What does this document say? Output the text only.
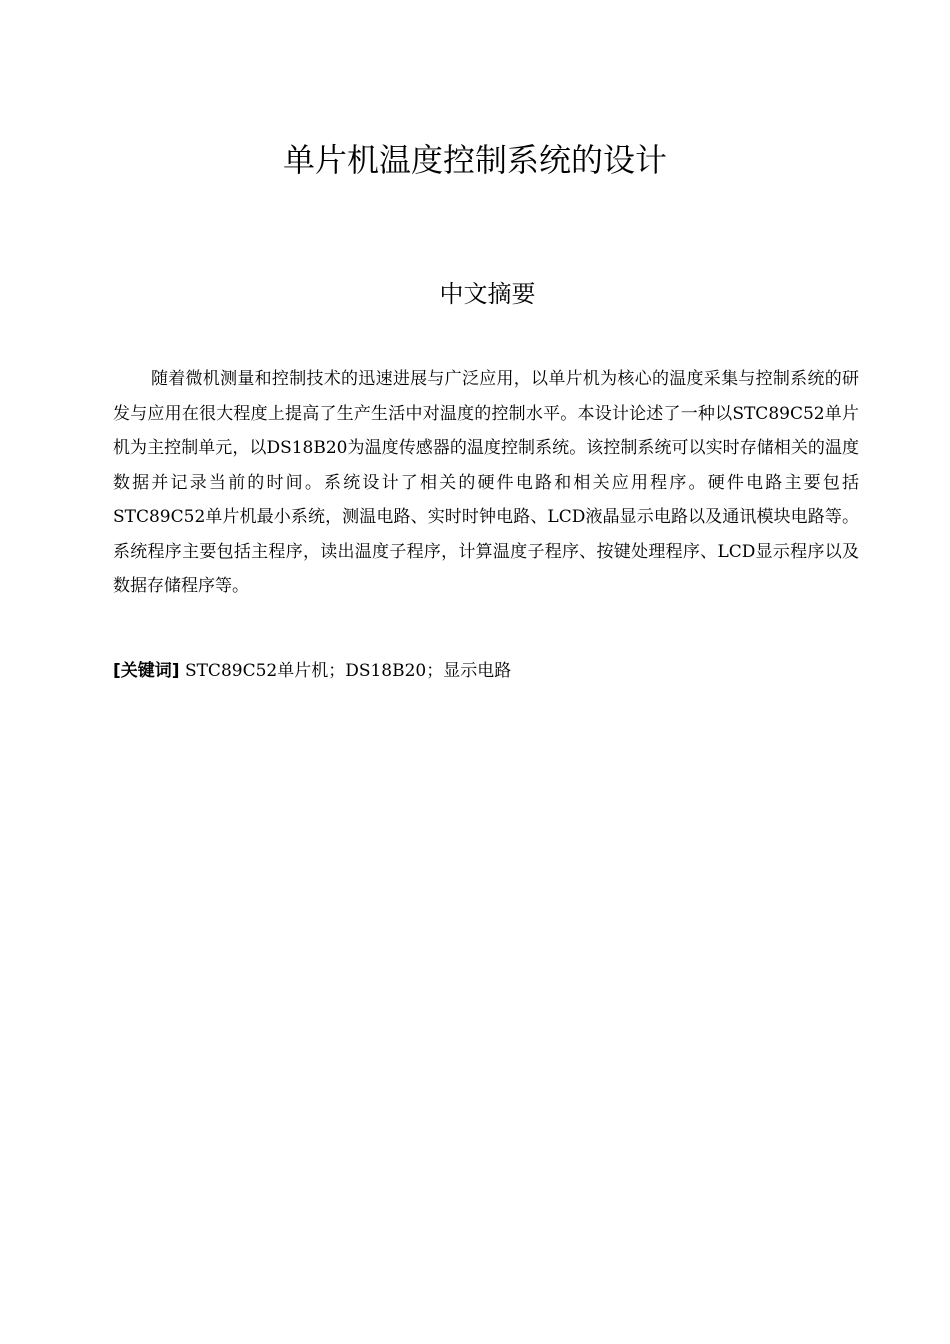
单片机温度控制系统的设计
中文摘要

随着微机测量和控制技术的迅速进展与广泛应用，以单片机为核心的温度采集与控制系统的研发与应用在很大程度上提高了生产生活中对温度的控制水平。本设计论述了一种以STC89C52单片机为主控制单元，以DS18B20为温度传感器的温度控制系统。该控制系统可以实时存储相关的温度数据并记录当前的时间。系统设计了相关的硬件电路和相关应用程序。硬件电路主要包括STC89C52单片机最小系统，测温电路、实时时钟电路、LCD液晶显示电路以及通讯模块电路等。系统程序主要包括主程序，读出温度子程序，计算温度子程序、按键处理程序、LCD显示程序以及数据存储程序等。

[关键词] STC89C52单片机；DS18B20；显示电路
